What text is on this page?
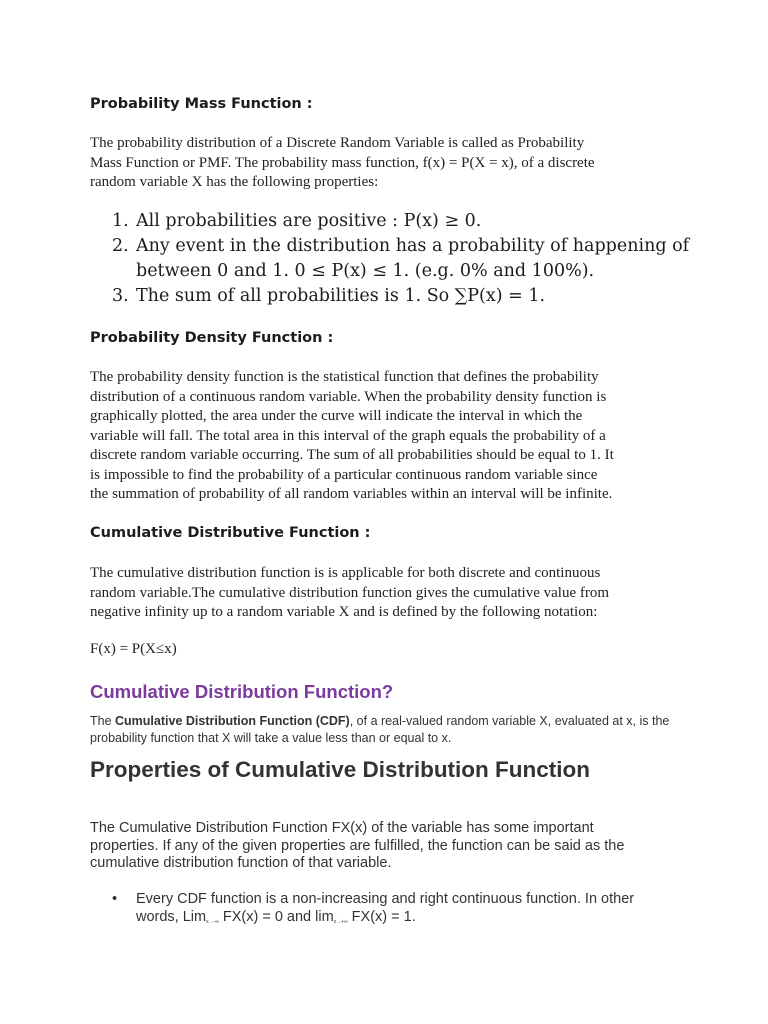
Probability Mass Function :
The probability distribution of a Discrete Random Variable is called as Probability
Mass Function or PMF. The probability mass function, f(x) = P(X = x), of a discrete
random variable X has the following properties:
1. All probabilities are positive : P(x) ≥ 0.
2. Any event in the distribution has a probability of happening of
between 0 and 1. 0 ≤ P(x) ≤ 1. (e.g. 0% and 100%).
3. The sum of all probabilities is 1. So ∑P(x) = 1.
Probability Density Function :
The probability density function is the statistical function that defines the probability
distribution of a continuous random variable. When the probability density function is
graphically plotted, the area under the curve will indicate the interval in which the
variable will fall. The total area in this interval of the graph equals the probability of a
discrete random variable occurring. The sum of all probabilities should be equal to 1. It
is impossible to find the probability of a particular continuous random variable since
the summation of probability of all random variables within an interval will be infinite.
Cumulative Distributive Function :
The cumulative distribution function is is applicable for both discrete and continuous
random variable.The cumulative distribution function gives the cumulative value from
negative infinity up to a random variable X and is defined by the following notation:
F(x) = P(X≤x)
Cumulative Distribution Function?
The Cumulative Distribution Function (CDF), of a real-valued random variable X, evaluated at x, is the
probability function that X will take a value less than or equal to x.
Properties of Cumulative Distribution Function
The Cumulative Distribution Function FX(x) of the variable has some important
properties. If any of the given properties are fulfilled, the function can be said as the
cumulative distribution function of that variable.
• Every CDF function is a non-increasing and right continuous function. In other
words, Limx→-∞ FX(x) = 0 and limx→+∞ FX(x) = 1.
